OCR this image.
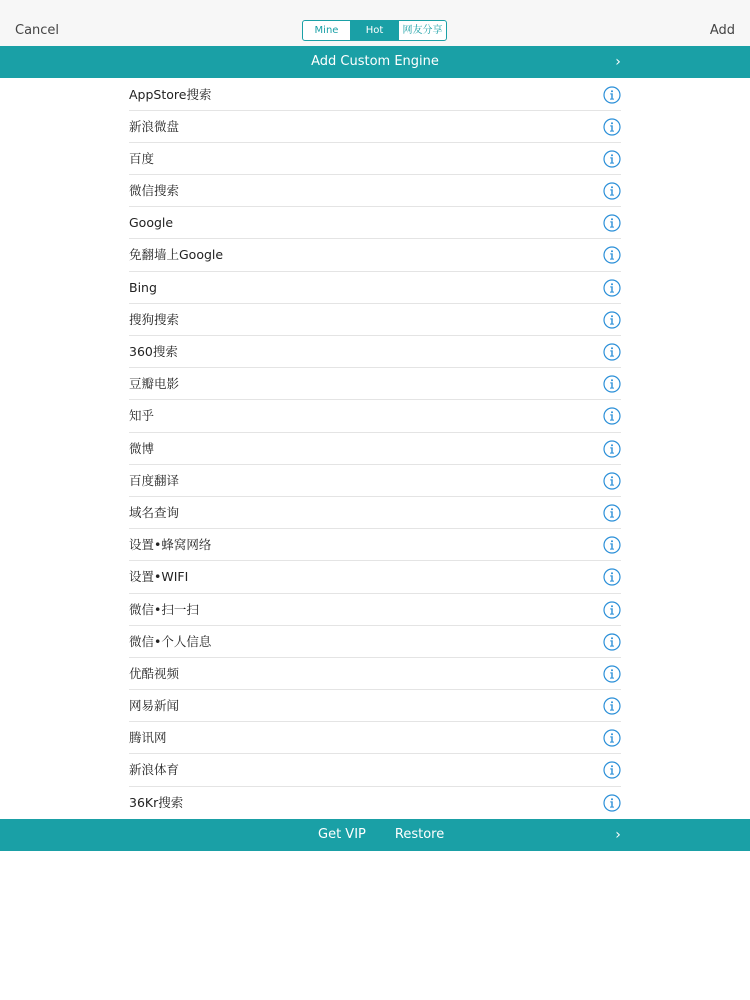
Cancel	Mine	Hot	网友分享	Add
Add Custom Engine	›
AppStore搜索
新浪微盘
百度
微信搜索
Google
免翻墙上Google
Bing
搜狗搜索
360搜索
豆瓣电影
知乎
微博
百度翻译
域名查询
设置•蜂窝网络
设置•WIFI
微信•扫一扫
微信•个人信息
优酷视频
网易新闻
腾讯网
新浪体育
36Kr搜索
Get VIP Restore	›
